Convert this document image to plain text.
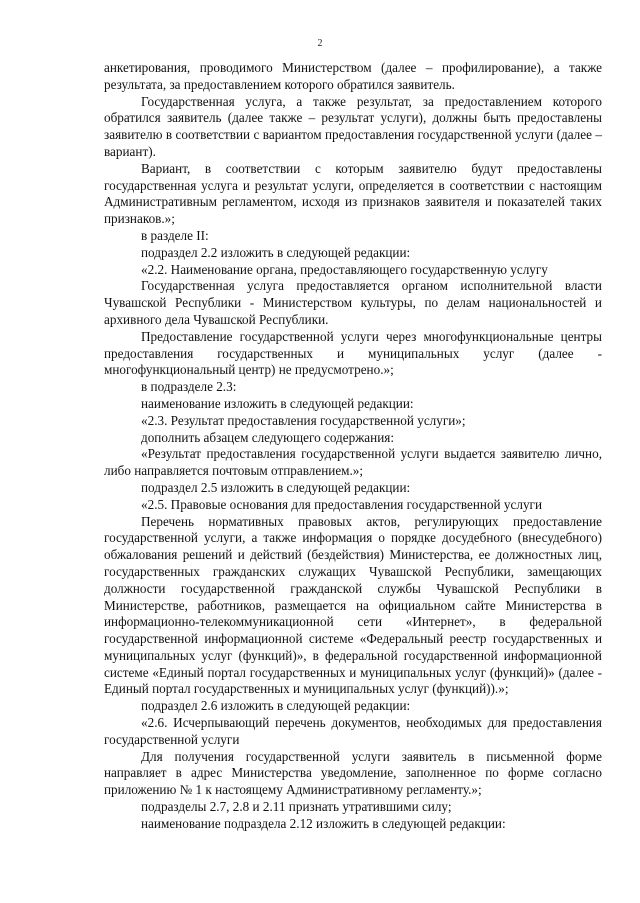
2

анкетирования, проводимого Министерством (далее – профилирование), а также результата, за предоставлением которого обратился заявитель.

Государственная услуга, а также результат, за предоставлением которого обратился заявитель (далее также – результат услуги), должны быть предоставлены заявителю в соответствии с вариантом предоставления государственной услуги (далее – вариант).

Вариант, в соответствии с которым заявителю будут предоставлены государственная услуга и результат услуги, определяется в соответствии с настоящим Административным регламентом, исходя из признаков заявителя и показателей таких признаков.»;

в разделе II:

подраздел 2.2 изложить в следующей редакции:

«2.2. Наименование органа, предоставляющего государственную услугу

Государственная услуга предоставляется органом исполнительной власти Чувашской Республики - Министерством культуры, по делам национальностей и архивного дела Чувашской Республики.

Предоставление государственной услуги через многофункциональные центры предоставления государственных и муниципальных услуг (далее - многофункциональный центр) не предусмотрено.»;

в подразделе 2.3:

наименование изложить в следующей редакции:

«2.3. Результат предоставления государственной услуги»;

дополнить абзацем следующего содержания:

«Результат предоставления государственной услуги выдается заявителю лично, либо направляется почтовым отправлением.»;

подраздел 2.5 изложить в следующей редакции:

«2.5. Правовые основания для предоставления государственной услуги

Перечень нормативных правовых актов, регулирующих предоставление государственной услуги, а также информация о порядке досудебного (внесудебного) обжалования решений и действий (бездействия) Министерства, ее должностных лиц, государственных гражданских служащих Чувашской Республики, замещающих должности государственной гражданской службы Чувашской Республики в Министерстве, работников, размещается на официальном сайте Министерства в информационно-телекоммуникационной сети «Интернет», в федеральной государственной информационной системе «Федеральный реестр государственных и муниципальных услуг (функций)», в федеральной государственной информационной системе «Единый портал государственных и муниципальных услуг (функций)» (далее - Единый портал государственных и муниципальных услуг (функций)).»;

подраздел 2.6 изложить в следующей редакции:

«2.6. Исчерпывающий перечень документов, необходимых для предоставления государственной услуги

Для получения государственной услуги заявитель в письменной форме направляет в адрес Министерства уведомление, заполненное по форме согласно приложению № 1 к настоящему Административному регламенту.»;

подразделы 2.7, 2.8 и 2.11 признать утратившими силу;

наименование подраздела 2.12 изложить в следующей редакции:
